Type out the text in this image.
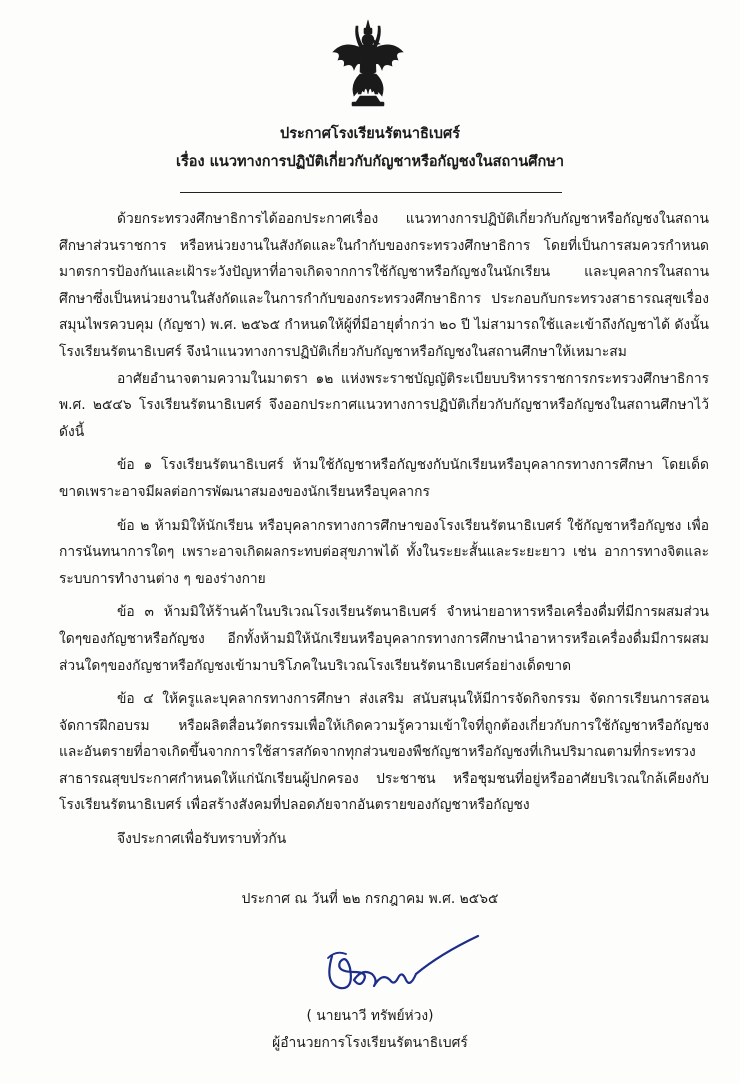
ประกาศโรงเรียนรัตนาธิเบศร์
เรื่อง แนวทางการปฏิบัติเกี่ยวกับกัญชาหรือกัญชงในสถานศึกษา

ด้วยกระทรวงศึกษาธิการได้ออกประกาศเรื่อง แนวทางการปฏิบัติเกี่ยวกับกัญชาหรือกัญชงในสถานศึกษาส่วนราชการ หรือหน่วยงานในสังกัดและในกำกับของกระทรวงศึกษาธิการ โดยที่เป็นการสมควรกำหนดมาตรการป้องกันและเฝ้าระวังปัญหาที่อาจเกิดจากการใช้กัญชาหรือกัญชงในนักเรียน และบุคลากรในสถานศึกษาซึ่งเป็นหน่วยงานในสังกัดและในการกำกับของกระทรวงศึกษาธิการ ประกอบกับกระทรวงสาธารณสุขเรื่องสมุนไพรควบคุม (กัญชา) พ.ศ. ๒๕๖๕ กำหนดให้ผู้ที่มีอายุต่ำกว่า ๒๐ ปี ไม่สามารถใช้และเข้าถึงกัญชาได้ ดังนั้นโรงเรียนรัตนาธิเบศร์ จึงนำแนวทางการปฏิบัติเกี่ยวกับกัญชาหรือกัญชงในสถานศึกษาให้เหมาะสม

อาศัยอำนาจตามความในมาตรา ๑๒ แห่งพระราชบัญญัติระเบียบบริหารราชการกระทรวงศึกษาธิการ พ.ศ. ๒๕๔๖ โรงเรียนรัตนาธิเบศร์ จึงออกประกาศแนวทางการปฏิบัติเกี่ยวกับกัญชาหรือกัญชงในสถานศึกษาไว้ดังนี้

ข้อ ๑ โรงเรียนรัตนาธิเบศร์ ห้ามใช้กัญชาหรือกัญชงกับนักเรียนหรือบุคลากรทางการศึกษา โดยเด็ดขาดเพราะอาจมีผลต่อการพัฒนาสมองของนักเรียนหรือบุคลากร

ข้อ ๒ ห้ามมิให้นักเรียน หรือบุคลากรทางการศึกษาของโรงเรียนรัตนาธิเบศร์ ใช้กัญชาหรือกัญชง เพื่อการนันทนาการใดๆ เพราะอาจเกิดผลกระทบต่อสุขภาพได้ ทั้งในระยะสั้นและระยะยาว เช่น อาการทางจิตและระบบการทำงานต่าง ๆ ของร่างกาย

ข้อ ๓ ห้ามมิให้ร้านค้าในบริเวณโรงเรียนรัตนาธิเบศร์ จำหน่ายอาหารหรือเครื่องดื่มที่มีการผสมส่วนใดๆของกัญชาหรือกัญชง อีกทั้งห้ามมิให้นักเรียนหรือบุคลากรทางการศึกษานำอาหารหรือเครื่องดื่มมีการผสมส่วนใดๆของกัญชาหรือกัญชงเข้ามาบริโภคในบริเวณโรงเรียนรัตนาธิเบศร์อย่างเด็ดขาด

ข้อ ๔ ให้ครูและบุคลากรทางการศึกษา ส่งเสริม สนับสนุนให้มีการจัดกิจกรรม จัดการเรียนการสอนจัดการฝึกอบรม หรือผลิตสื่อนวัตกรรมเพื่อให้เกิดความรู้ความเข้าใจที่ถูกต้องเกี่ยวกับการใช้กัญชาหรือกัญชงและอันตรายที่อาจเกิดขึ้นจากการใช้สารสกัดจากทุกส่วนของพืชกัญชาหรือกัญชงที่เกินปริมาณตามที่กระทรวงสาธารณสุขประกาศกำหนดให้แก่นักเรียนผู้ปกครอง ประชาชน หรือชุมชนที่อยู่หรืออาศัยบริเวณใกล้เคียงกับโรงเรียนรัตนาธิเบศร์ เพื่อสร้างสังคมที่ปลอดภัยจากอันตรายของกัญชาหรือกัญชง

จึงประกาศเพื่อรับทราบทั่วกัน

ประกาศ ณ วันที่ ๒๒ กรกฎาคม พ.ศ. ๒๕๖๕
( นายนาวี ทรัพย์ห่วง)
ผู้อำนวยการโรงเรียนรัตนาธิเบศร์
